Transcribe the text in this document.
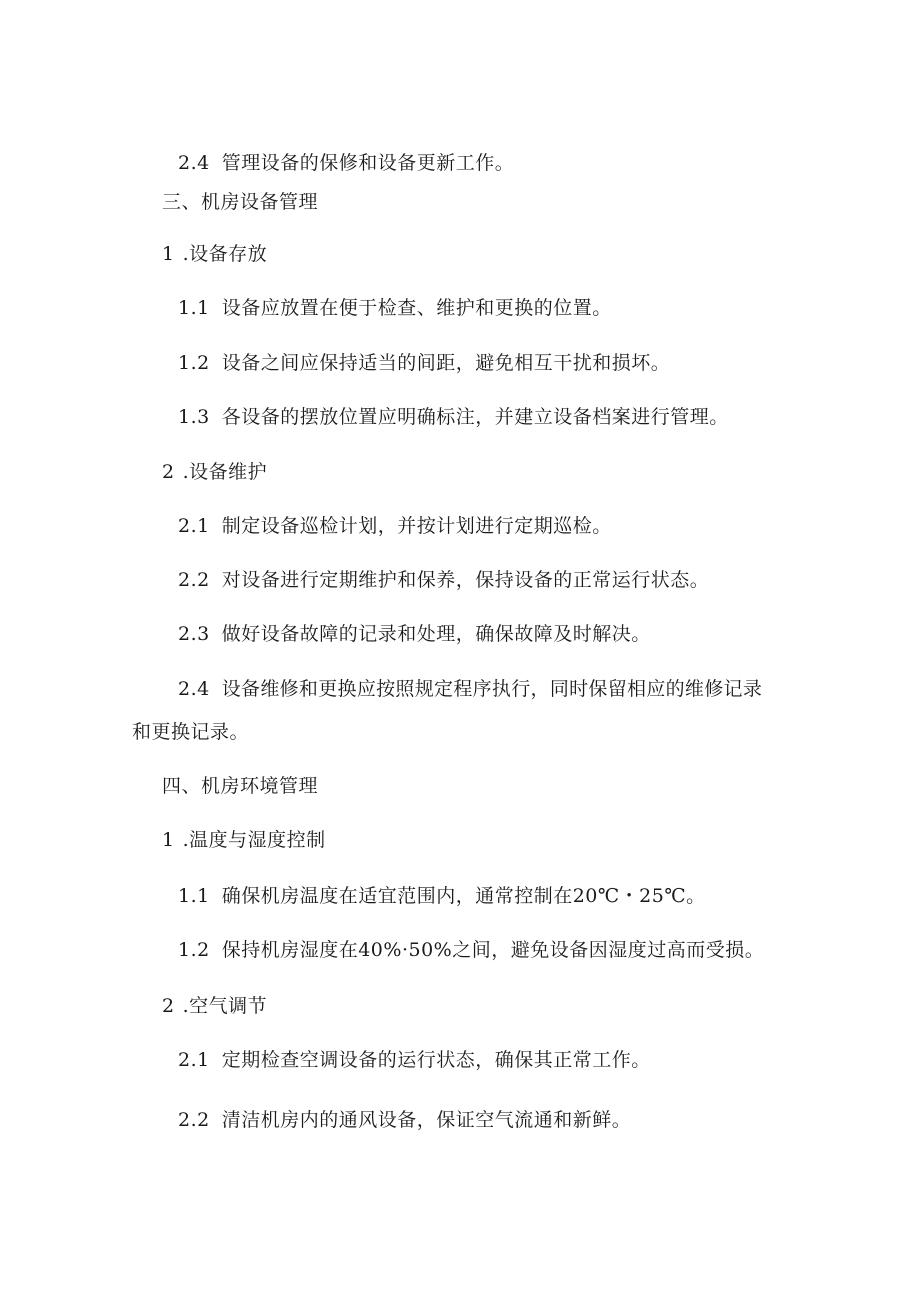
2.4 管理设备的保修和设备更新工作。
三、机房设备管理
1 .设备存放
1.1 设备应放置在便于检查、维护和更换的位置。
1.2 设备之间应保持适当的间距，避免相互干扰和损坏。
1.3 各设备的摆放位置应明确标注，并建立设备档案进行管理。
2 .设备维护
2.1 制定设备巡检计划，并按计划进行定期巡检。
2.2 对设备进行定期维护和保养，保持设备的正常运行状态。
2.3 做好设备故障的记录和处理，确保故障及时解决。
2.4 设备维修和更换应按照规定程序执行，同时保留相应的维修记录
和更换记录。
四、机房环境管理
1 .温度与湿度控制
1.1 确保机房温度在适宜范围内，通常控制在20℃・25℃。
1.2 保持机房湿度在40%·50%之间，避免设备因湿度过高而受损。
2 .空气调节
2.1 定期检查空调设备的运行状态，确保其正常工作。
2.2 清洁机房内的通风设备，保证空气流通和新鲜。
